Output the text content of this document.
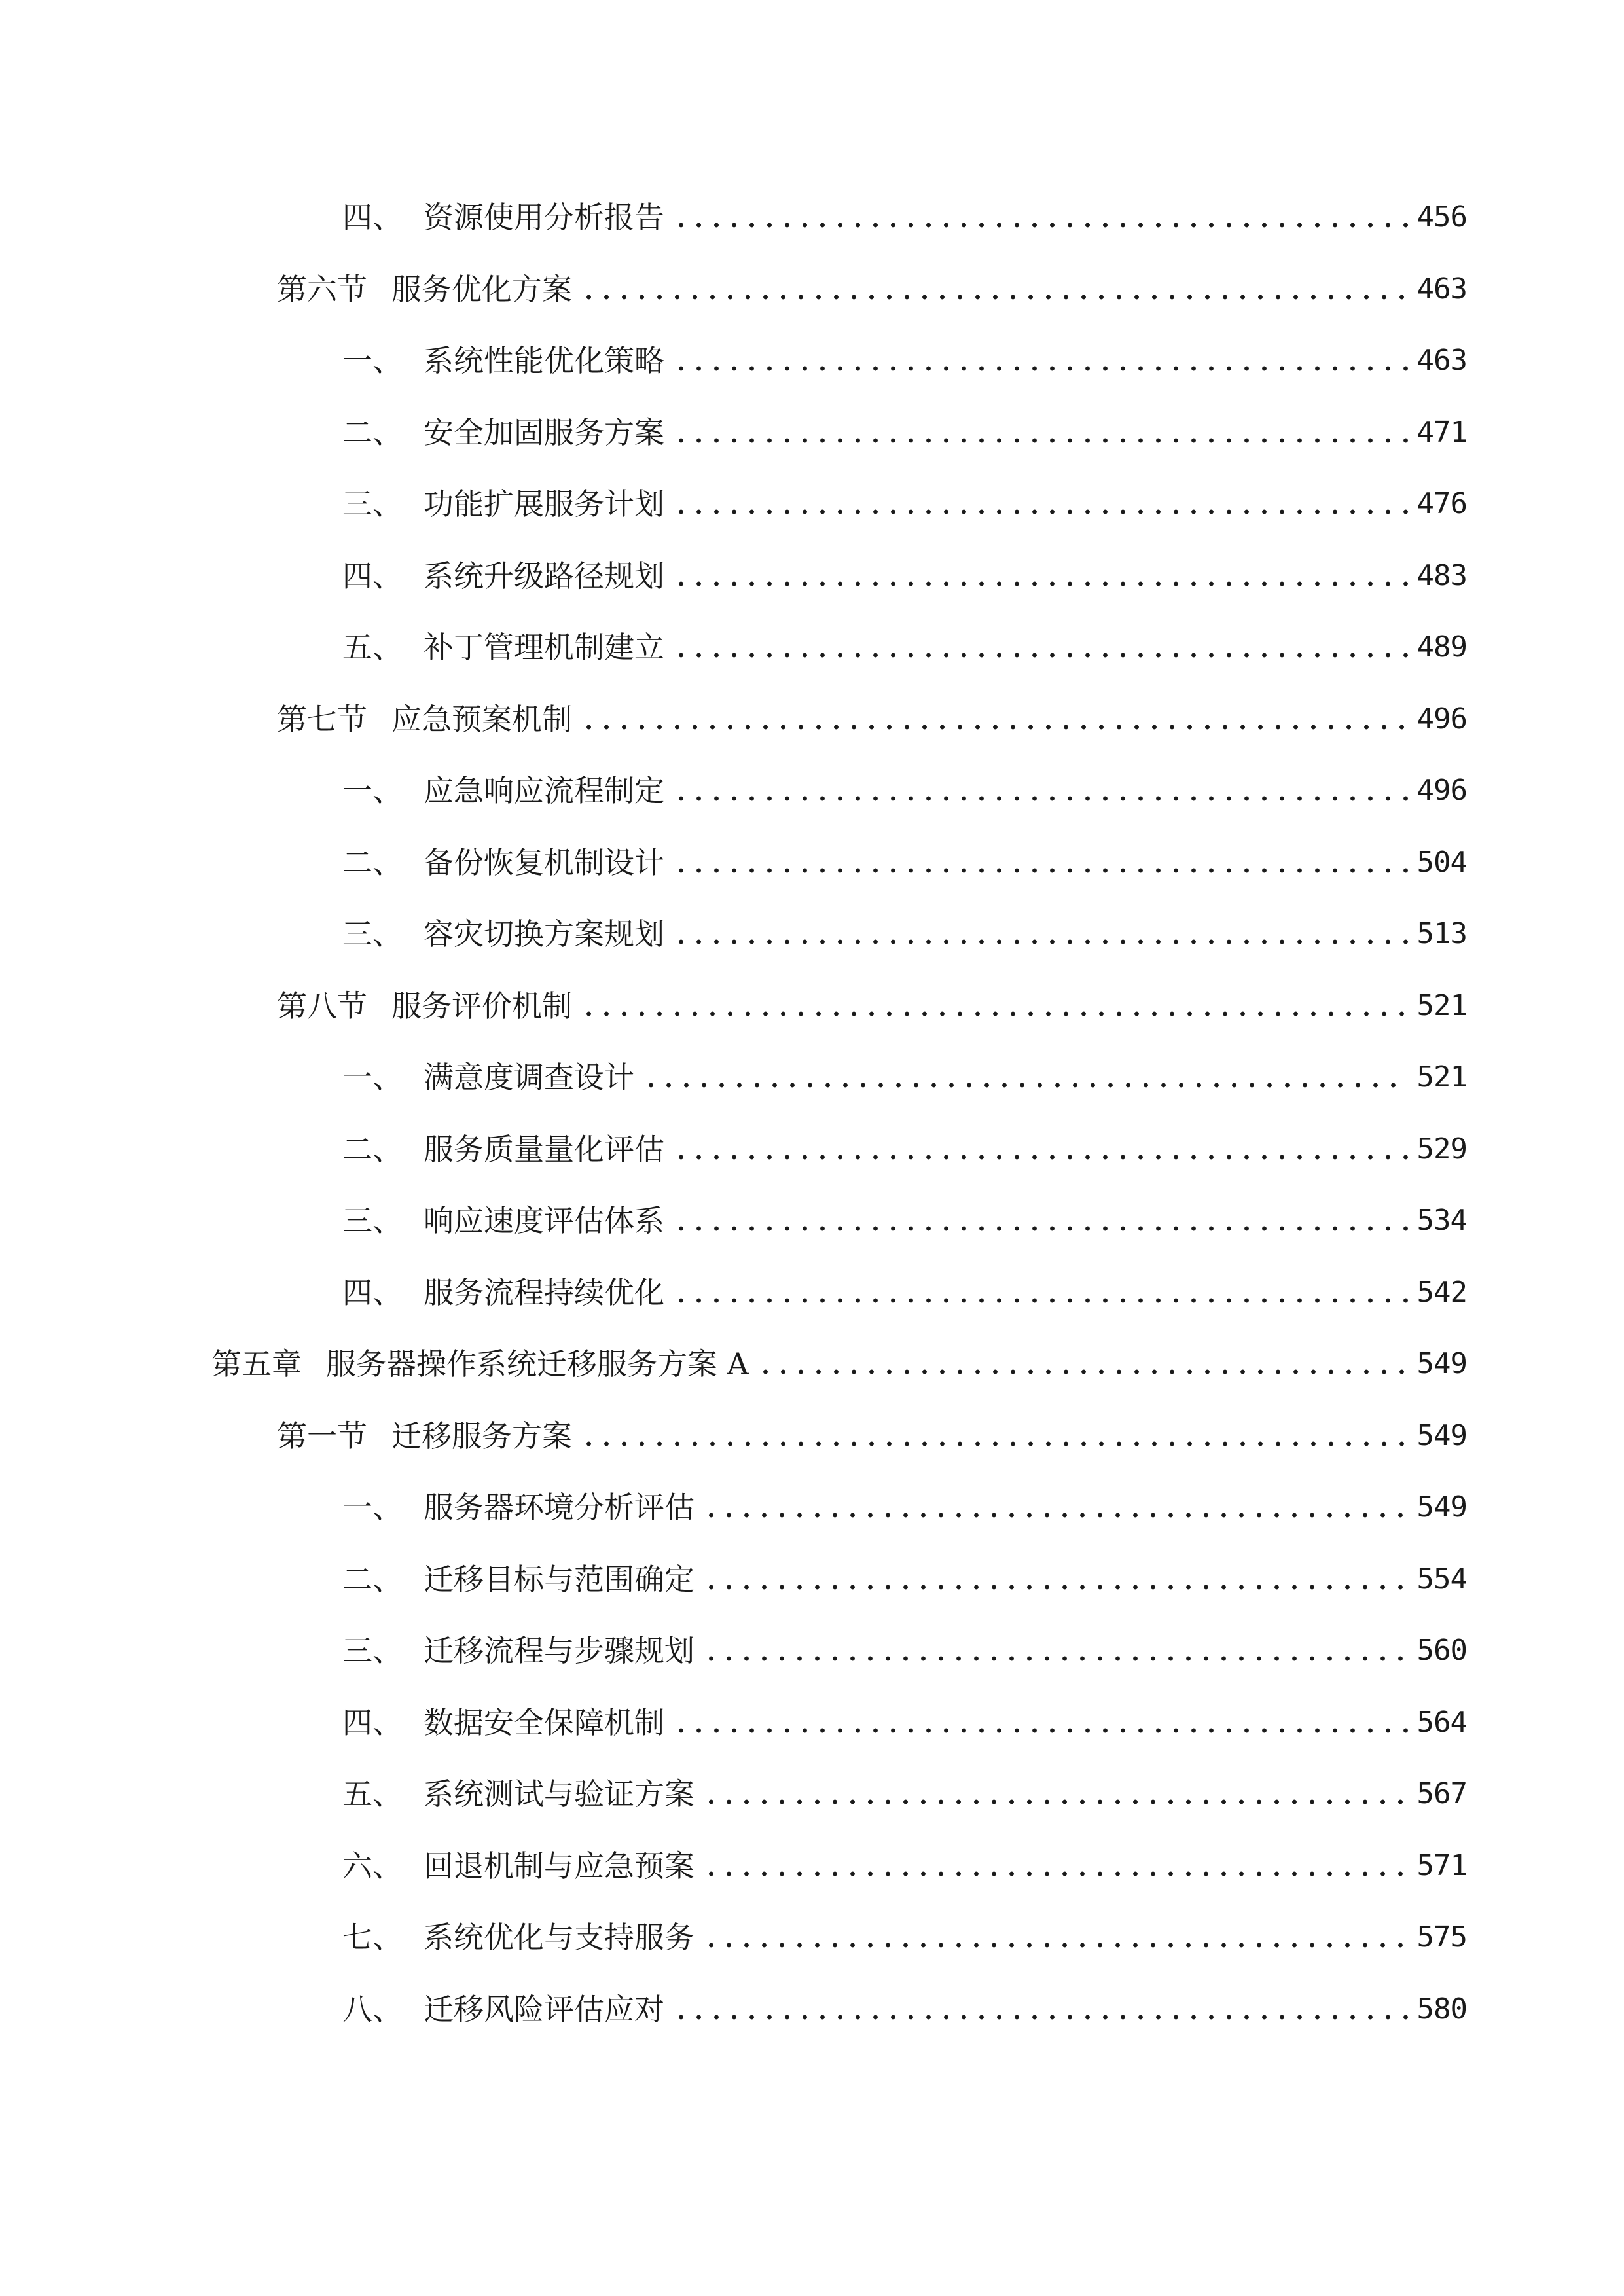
四、 资源使用分析报告	456
第六节 服务优化方案	463
一、 系统性能优化策略	463
二、 安全加固服务方案	471
三、 功能扩展服务计划	476
四、 系统升级路径规划	483
五、 补丁管理机制建立	489
第七节 应急预案机制	496
一、 应急响应流程制定	496
二、 备份恢复机制设计	504
三、 容灾切换方案规划	513
第八节 服务评价机制	521
一、 满意度调查设计	521
二、 服务质量量化评估	529
三、 响应速度评估体系	534
四、 服务流程持续优化	542
第五章 服务器操作系统迁移服务方案 A	549
第一节 迁移服务方案	549
一、 服务器环境分析评估	549
二、 迁移目标与范围确定	554
三、 迁移流程与步骤规划	560
四、 数据安全保障机制	564
五、 系统测试与验证方案	567
六、 回退机制与应急预案	571
七、 系统优化与支持服务	575
八、 迁移风险评估应对	580
